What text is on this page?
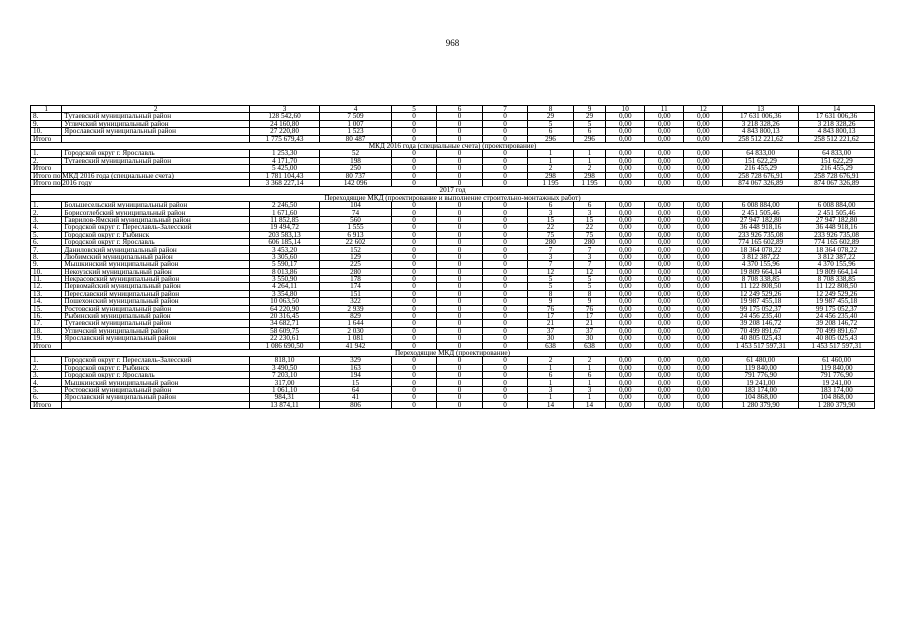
968
1	2	3	4	5	6	7	8	9	10	11	12	13	14
8.	Тутаевский муниципальный район	128 542,60	7 509	0	0	0	29	29	0,00	0,00	0,00	17 631 006,36	17 631 006,36
9.	Угличский муниципальный район	24 160,80	1 007	0	0	0	5	5	0,00	0,00	0,00	3 218 328,26	3 218 328,26
10.	Ярославский муниципальный район	27 220,80	1 523	0	0	0	6	6	0,00	0,00	0,00	4 843 800,13	4 843 800,13
Итого		1 775 679,43	80 487	0	0	0	296	296	0,00	0,00	0,00	258 512 221,62	258 512 221,62
МКД 2016 года (специальные счета) (проектирование)													
1.	Городской округ г. Ярославль	1 253,30	52	0	0	0	1	1	0,00	0,00	0,00	64 833,00	64 833,00
2.	Тутаевский муниципальный район	4 171,70	198	0	0	0	1	1	0,00	0,00	0,00	151 622,29	151 622,29
Итого		5 425,00	250	0	0	0	2	2	0,00	0,00	0,00	216 455,29	216 455,29
Итого по МКД 2016 года (специальные счета)		1 781 104,43	80 737	0	0	0	298	298	0,00	0,00	0,00	258 728 676,91	258 728 676,91
Итого по 2016 году		3 368 227,14	142 096	0	0	0	1 195	1 195	0,00	0,00	0,00	874 067 326,89	874 067 326,89
2017 год													
Переходящие МКД (проектирование и выполнение строительно-монтажных работ)													
1.	Большесельский муниципальный район	2 246,50	104	0	0	0	6	6	0,00	0,00	0,00	6 008 884,00	6 008 884,00
2.	Борисоглебский муниципальный район	1 671,60	74	0	0	0	3	3	0,00	0,00	0,00	2 451 505,46	2 451 505,46
3.	Гаврилов-Ямский муниципальный район	11 852,85	560	0	0	0	15	15	0,00	0,00	0,00	27 947 182,80	27 947 182,80
4.	Городской округ г. Переславль-Залесский	19 494,72	1 555	0	0	0	22	22	0,00	0,00	0,00	36 448 918,16	36 448 918,16
5.	Городской округ г. Рыбинск	203 583,13	6 913	0	0	0	75	75	0,00	0,00	0,00	233 926 735,08	233 926 735,08
6.	Городской округ г. Ярославль	606 185,14	22 602	0	0	0	280	280	0,00	0,00	0,00	774 165 602,89	774 165 602,89
7.	Даниловский муниципальный район	3 453,20	152	0	0	0	7	7	0,00	0,00	0,00	18 364 078,22	18 364 078,22
8.	Любимский муниципальный район	3 305,60	129	0	0	0	3	3	0,00	0,00	0,00	3 812 387,22	3 812 387,22
9.	Мышкинский муниципальный район	5 590,17	225	0	0	0	7	7	0,00	0,00	0,00	4 370 155,96	4 370 155,96
10.	Некоузский муниципальный район	8 013,86	280	0	0	0	12	12	0,00	0,00	0,00	19 809 664,14	19 809 664,14
11.	Некрасовский муниципальный район	3 550,90	178	0	0	0	5	5	0,00	0,00	0,00	8 708 338,85	8 708 338,85
12.	Первомайский муниципальный район	4 264,11	174	0	0	0	5	5	0,00	0,00	0,00	11 122 808,50	11 122 808,50
13.	Переславский муниципальный район	3 354,80	151	0	0	0	8	8	0,00	0,00	0,00	12 249 529,26	12 249 529,26
14.	Пошехонский муниципальный район	10 063,50	322	0	0	0	9	9	0,00	0,00	0,00	19 987 455,18	19 987 455,18
15.	Ростовский муниципальный район	64 220,90	2 939	0	0	0	76	76	0,00	0,00	0,00	99 175 052,37	99 175 052,37
16.	Рыбинский муниципальный район	20 316,45	829	0	0	0	17	17	0,00	0,00	0,00	24 456 235,40	24 456 235,40
17.	Тутаевский муниципальный район	34 682,71	1 644	0	0	0	21	21	0,00	0,00	0,00	39 208 146,72	39 208 146,72
18.	Угличский муниципальный район	58 609,75	2 030	0	0	0	37	37	0,00	0,00	0,00	70 499 891,67	70 499 891,67
19.	Ярославский муниципальный район	22 230,61	1 081	0	0	0	30	30	0,00	0,00	0,00	40 805 025,43	40 805 025,43
Итого		1 086 690,50	41 942	0	0	0	638	638	0,00	0,00	0,00	1 453 517 597,31	1 453 517 597,31
Переходящие МКД (проектирование)													
1.	Городской округ г. Переславль-Залесский	818,10	329	0	0	0	2	2	0,00	0,00	0,00	61 480,00	61 460,00
2.	Городской округ г. Рыбинск	3 490,50	163	0	0	0	1	1	0,00	0,00	0,00	119 840,00	119 840,00
3.	Городской округ г. Ярославль	7 203,10	194	0	0	0	6	6	0,00	0,00	0,00	791 776,90	791 776,90
4.	Мышкинский муниципальный район	317,00	15	0	0	0	1	1	0,00	0,00	0,00	19 241,00	19 241,00
5.	Ростовский муниципальный район	1 061,10	64	0	0	0	3	3	0,00	0,00	0,00	183 174,00	183 174,00
6.	Ярославский муниципальный район	984,31	41	0	0	0	1	1	0,00	0,00	0,00	104 868,00	104 868,00
Итого		13 874,11	806	0	0	0	14	14	0,00	0,00	0,00	1 280 379,90	1 280 379,90
